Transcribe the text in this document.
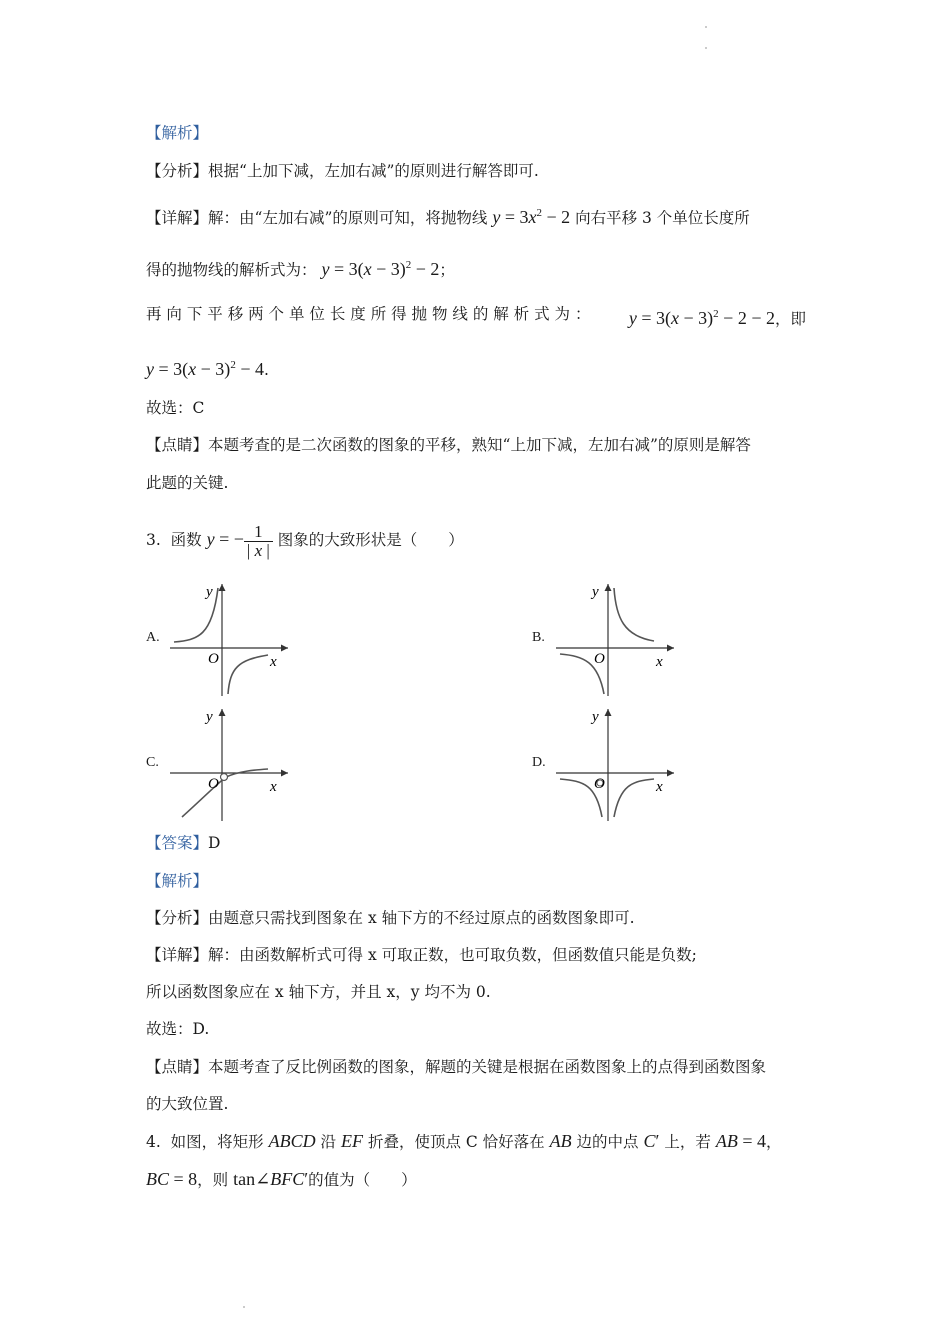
【解析】
【分析】根据“上加下减，左加右减”的原则进行解答即可.
【详解】解：由“左加右减”的原则可知，将抛物线 $y = 3x^2 - 2$ 向右平移 3 个单位长度所
得的抛物线的解析式为： $y = 3(x - 3)^2 - 2$；
再 向 下 平 移 两 个 单 位 长 度 所 得 抛 物 线 的 解 析 式 为 ： $y = 3(x - 3)^2 - 2 - 2$，即
$y = 3(x - 3)^2 - 4$.
故选：C
【点睛】本题考查的是二次函数的图象的平移，熟知“上加下减，左加右减”的原则是解答
此题的关键.
3. 函数 y = − $\frac{1}{| x |}$ 图象的大致形状是（　　）
A.	B.
C.	D.
y
x
O
y
x
O
y
x
O
y
x
O
【答案】D
【解析】
【分析】由题意只需找到图象在 x 轴下方的不经过原点的函数图象即可.
【详解】解：由函数解析式可得 x 可取正数，也可取负数，但函数值只能是负数;
所以函数图象应在 x 轴下方，并且 x，y 均不为 0.
故选：D.
【点睛】本题考查了反比例函数的图象，解题的关键是根据在函数图象上的点得到函数图象
的大致位置.
4. 如图，将矩形 ABCD 沿 EF 折叠，使顶点 C 恰好落在 AB 边的中点 C′ 上，若 AB = 4，
BC = 8，则 tan∠BFC′的值为（　　）
